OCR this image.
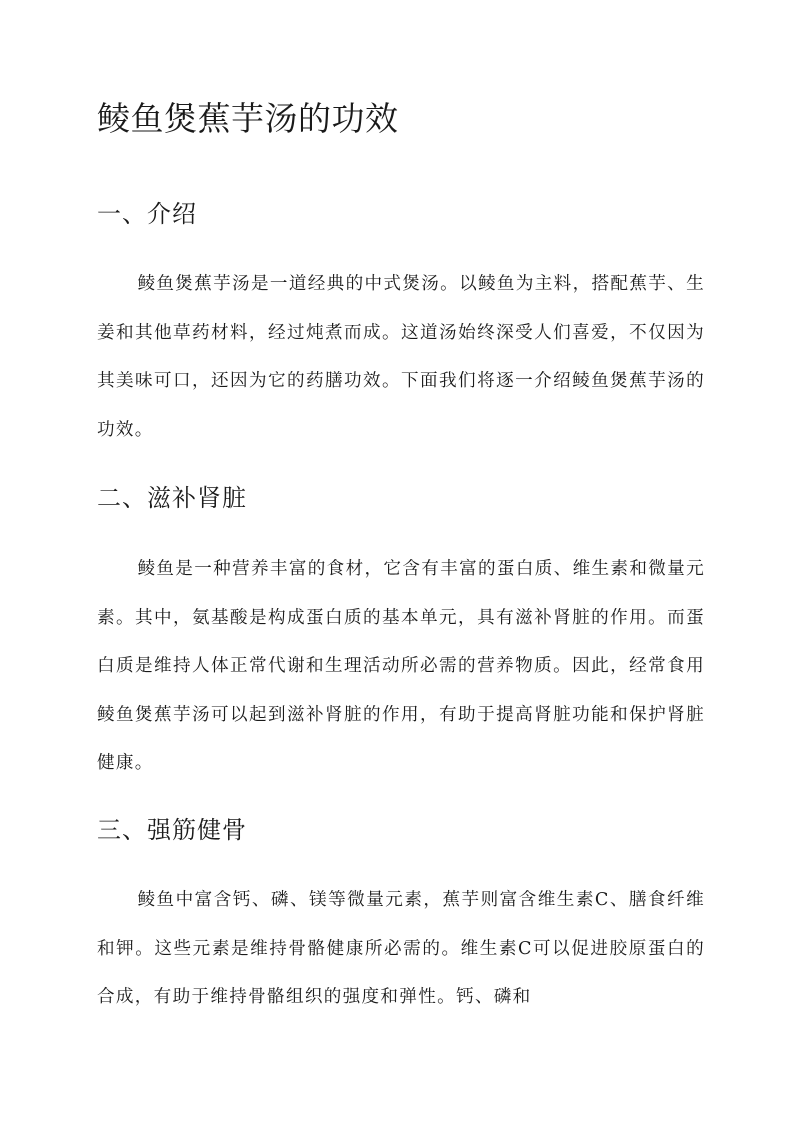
鲮鱼煲蕉芋汤的功效
一、介绍

鲮鱼煲蕉芋汤是一道经典的中式煲汤。以鲮鱼为主料，搭配蕉芋、生姜和其他草药材料，经过炖煮而成。这道汤始终深受人们喜爱，不仅因为其美味可口，还因为它的药膳功效。下面我们将逐一介绍鲮鱼煲蕉芋汤的功效。

二、滋补肾脏

鲮鱼是一种营养丰富的食材，它含有丰富的蛋白质、维生素和微量元素。其中，氨基酸是构成蛋白质的基本单元，具有滋补肾脏的作用。而蛋白质是维持人体正常代谢和生理活动所必需的营养物质。因此，经常食用鲮鱼煲蕉芋汤可以起到滋补肾脏的作用，有助于提高肾脏功能和保护肾脏健康。

三、强筋健骨

鲮鱼中富含钙、磷、镁等微量元素，蕉芋则富含维生素C、膳食纤维和钾。这些元素是维持骨骼健康所必需的。维生素C可以促进胶原蛋白的合成，有助于维持骨骼组织的强度和弹性。钙、磷和
